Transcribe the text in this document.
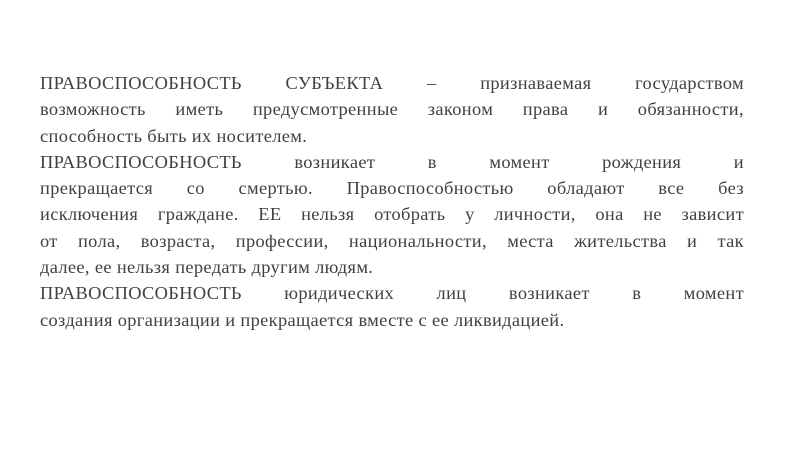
ПРАВОСПОСОБНОСТЬ СУБЪЕКТА – признаваемая государством
возможность иметь предусмотренные законом права и обязанности,
способность быть их носителем.
ПРАВОСПОСОБНОСТЬ	возникает	в	момент	рождения	и
прекращается со смертью. Правоспособностью обладают все без
исключения граждане. ЕЕ нельзя отобрать у личности, она не зависит
от пола, возраста, профессии, национальности, места жительства и так
далее, ее нельзя передать другим людям.
ПРАВОСПОСОБНОСТЬ юридических лиц возникает в момент
создания организации и прекращается вместе с ее ликвидацией.
